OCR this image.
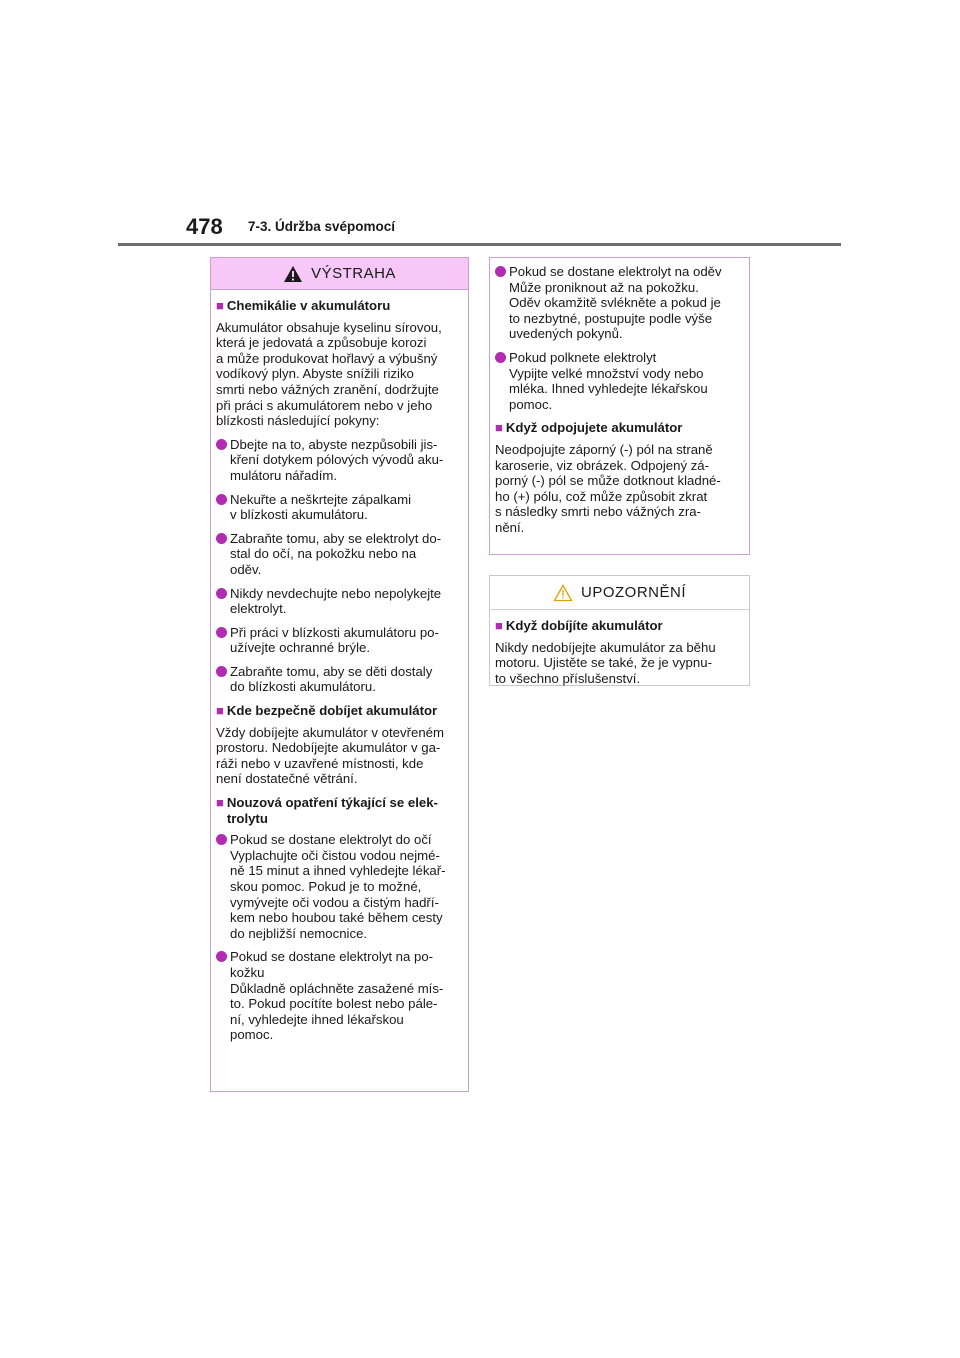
478 7-3. Údržba svépomocí
VÝSTRAHA
■ Chemikálie v akumulátoru
Akumulátor obsahuje kyselinu sírovou,
která je jedovatá a způsobuje korozi
a může produkovat hořlavý a výbušný
vodíkový plyn. Abyste snížili riziko
smrti nebo vážných zranění, dodržujte
při práci s akumulátorem nebo v jeho
blízkosti následující pokyny:
Dbejte na to, abyste nezpůsobili jis-
kření dotykem pólových vývodů aku-
mulátoru nářadím.
Nekuřte a neškrtejte zápalkami
v blízkosti akumulátoru.
Zabraňte tomu, aby se elektrolyt do-
stal do očí, na pokožku nebo na
oděv.
Nikdy nevdechujte nebo nepolykejte
elektrolyt.
Při práci v blízkosti akumulátoru po-
užívejte ochranné brýle.
Zabraňte tomu, aby se děti dostaly
do blízkosti akumulátoru.
■ Kde bezpečně dobíjet akumulátor
Vždy dobíjejte akumulátor v otevřeném
prostoru. Nedobíjejte akumulátor v ga-
ráži nebo v uzavřené místnosti, kde
není dostatečné větrání.
■ Nouzová opatření týkající se elek-
trolytu
Pokud se dostane elektrolyt do očí
Vyplachujte oči čistou vodou nejmé-
ně 15 minut a ihned vyhledejte lékař-
skou pomoc. Pokud je to možné,
vymývejte oči vodou a čistým hadří-
kem nebo houbou také během cesty
do nejbližší nemocnice.
Pokud se dostane elektrolyt na po-
kožku
Důkladně opláchněte zasažené mís-
to. Pokud pocítíte bolest nebo pále-
ní, vyhledejte ihned lékařskou
pomoc.
Pokud se dostane elektrolyt na oděv
Může proniknout až na pokožku.
Oděv okamžitě svlékněte a pokud je
to nezbytné, postupujte podle výše
uvedených pokynů.
Pokud polknete elektrolyt
Vypijte velké množství vody nebo
mléka. Ihned vyhledejte lékařskou
pomoc.
■ Když odpojujete akumulátor
Neodpojujte záporný (-) pól na straně
karoserie, viz obrázek. Odpojený zá-
porný (-) pól se může dotknout kladné-
ho (+) pólu, což může způsobit zkrat
s následky smrti nebo vážných zra-
nění.
UPOZORNĚNÍ
■ Když dobíjíte akumulátor
Nikdy nedobíjejte akumulátor za běhu
motoru. Ujistěte se také, že je vypnu-
to všechno příslušenství.
